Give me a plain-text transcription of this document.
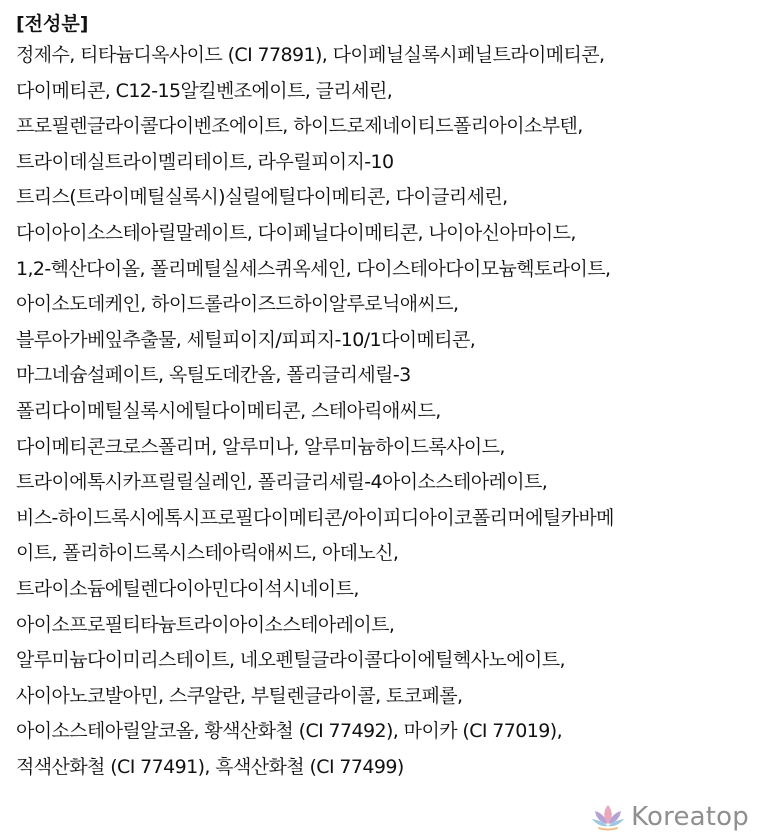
[전성분]
정제수, 티타늄디옥사이드 (CI 77891), 다이페닐실록시페닐트라이메티콘,
다이메티콘, C12-15알킬벤조에이트, 글리세린,
프로필렌글라이콜다이벤조에이트, 하이드로제네이티드폴리아이소부텐,
트라이데실트라이멜리테이트, 라우릴피이지-10
트리스(트라이메틸실록시)실릴에틸다이메티콘, 다이글리세린,
다이아이소스테아릴말레이트, 다이페닐다이메티콘, 나이아신아마이드,
1,2-헥산다이올, 폴리메틸실세스퀴옥세인, 다이스테아다이모늄헥토라이트,
아이소도데케인, 하이드롤라이즈드하이알루로닉애씨드,
블루아가베잎추출물, 세틸피이지/피피지-10/1다이메티콘,
마그네슘설페이트, 옥틸도데칸올, 폴리글리세릴-3
폴리다이메틸실록시에틸다이메티콘, 스테아릭애씨드,
다이메티콘크로스폴리머, 알루미나, 알루미늄하이드록사이드,
트라이에톡시카프릴릴실레인, 폴리글리세릴-4아이소스테아레이트,
비스-하이드록시에톡시프로필다이메티콘/아이피디아이코폴리머에틸카바메
이트, 폴리하이드록시스테아릭애씨드, 아데노신,
트라이소듐에틸렌다이아민다이석시네이트,
아이소프로필티타늄트라이아이소스테아레이트,
알루미늄다이미리스테이트, 네오펜틸글라이콜다이에틸헥사노에이트,
사이아노코발아민, 스쿠알란, 부틸렌글라이콜, 토코페롤,
아이소스테아릴알코올, 황색산화철 (CI 77492), 마이카 (CI 77019),
적색산화철 (CI 77491), 흑색산화철 (CI 77499)
Koreatop
